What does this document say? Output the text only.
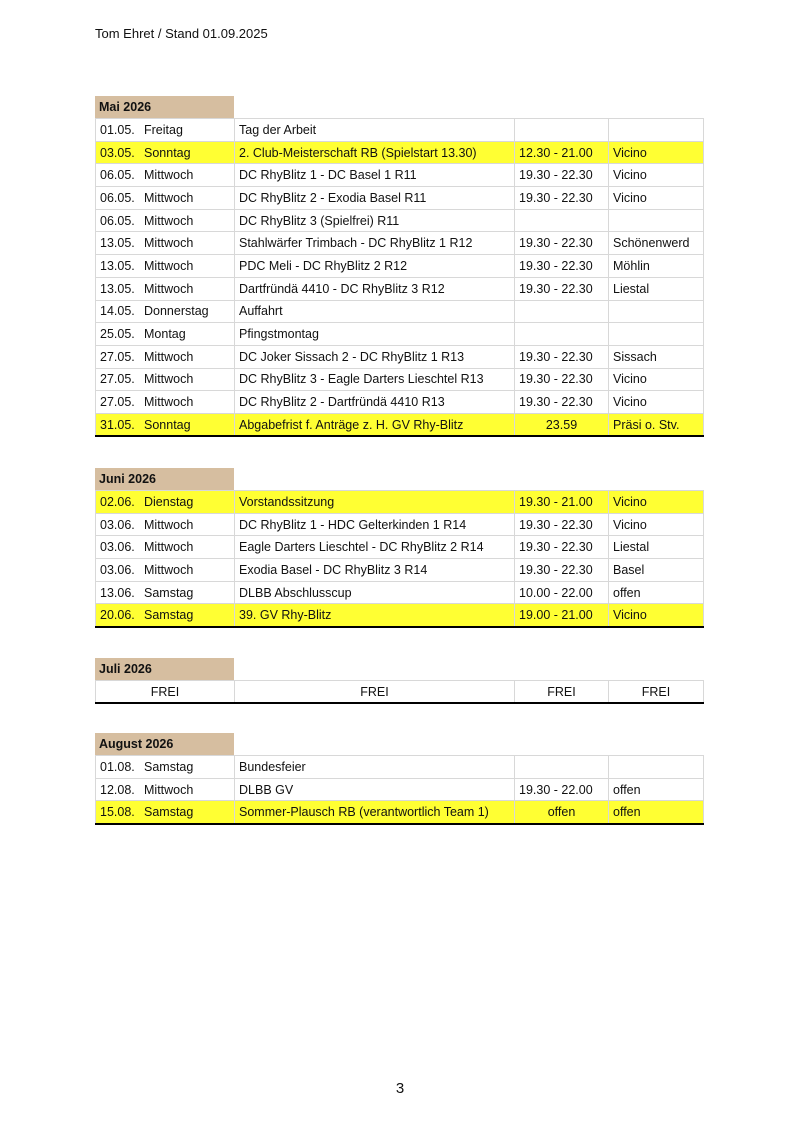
Tom Ehret / Stand 01.09.2025
Mai 2026
01.05. Freitag	Tag der Arbeit		
03.05. Sonntag	2. Club-Meisterschaft RB (Spielstart 13.30)	12.30 - 21.00	Vicino
06.05. Mittwoch	DC RhyBlitz 1 - DC Basel 1 R11	19.30 - 22.30	Vicino
06.05. Mittwoch	DC RhyBlitz 2 - Exodia Basel R11	19.30 - 22.30	Vicino
06.05. Mittwoch	DC RhyBlitz 3 (Spielfrei) R11		
13.05. Mittwoch	Stahlwärfer Trimbach - DC RhyBlitz 1 R12	19.30 - 22.30	Schönenwerd
13.05. Mittwoch	PDC Meli - DC RhyBlitz 2 R12	19.30 - 22.30	Möhlin
13.05. Mittwoch	Dartfründä 4410 - DC RhyBlitz 3 R12	19.30 - 22.30	Liestal
14.05. Donnerstag	Auffahrt		
25.05. Montag	Pfingstmontag		
27.05. Mittwoch	DC Joker Sissach 2 - DC RhyBlitz 1 R13	19.30 - 22.30	Sissach
27.05. Mittwoch	DC RhyBlitz 3 - Eagle Darters Lieschtel R13	19.30 - 22.30	Vicino
27.05. Mittwoch	DC RhyBlitz 2 - Dartfründä 4410 R13	19.30 - 22.30	Vicino
31.05. Sonntag	Abgabefrist f. Anträge z. H. GV Rhy-Blitz	23.59	Präsi o. Stv.
Juni 2026
02.06. Dienstag	Vorstandssitzung	19.30 - 21.00	Vicino
03.06. Mittwoch	DC RhyBlitz 1 - HDC Gelterkinden 1 R14	19.30 - 22.30	Vicino
03.06. Mittwoch	Eagle Darters Lieschtel - DC RhyBlitz 2 R14	19.30 - 22.30	Liestal
03.06. Mittwoch	Exodia Basel - DC RhyBlitz 3 R14	19.30 - 22.30	Basel
13.06. Samstag	DLBB Abschlusscup	10.00 - 22.00	offen
20.06. Samstag	39. GV Rhy-Blitz	19.00 - 21.00	Vicino
Juli 2026
FREI	FREI	FREI	FREI
August 2026
01.08. Samstag	Bundesfeier		
12.08. Mittwoch	DLBB GV	19.30 - 22.00	offen
15.08. Samstag	Sommer-Plausch RB (verantwortlich Team 1)	offen	offen
3
